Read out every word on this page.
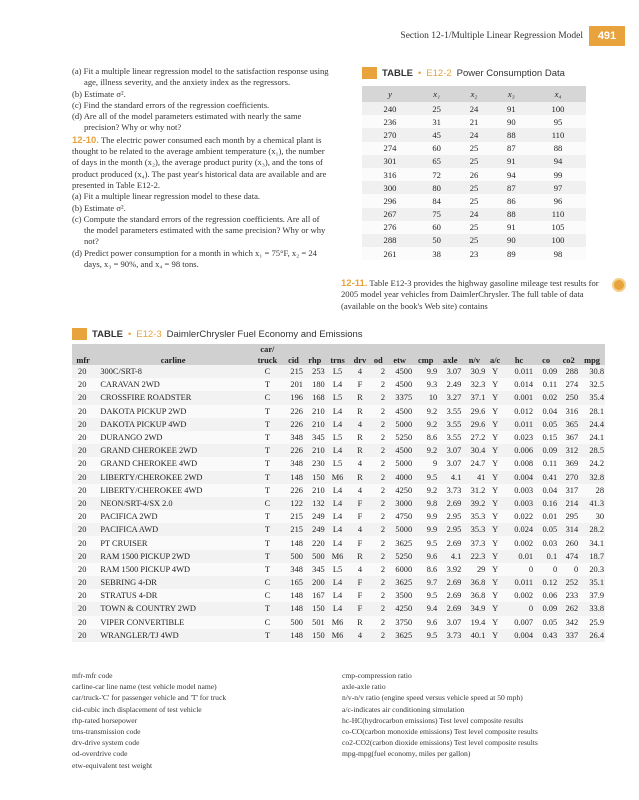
Section 12-1/Multiple Linear Regression Model	491
(a) Fit a multiple linear regression model to the satisfaction response using age, illness severity, and the anxiety index as the regressors.
(b) Estimate σ².
(c) Find the standard errors of the regression coefficients.
(d) Are all of the model parameters estimated with nearly the same precision? Why or why not?
12-10. The electric power consumed each month by a chemical plant is thought to be related to the average ambient temperature (x₁), the number of days in the month (x₂), the average product purity (x₃), and the tons of product produced (x₄). The past year's historical data are available and are presented in Table E12-2.
(a) Fit a multiple linear regression model to these data.
(b) Estimate σ².
(c) Compute the standard errors of the regression coefficients. Are all of the model parameters estimated with the same precision? Why or why not?
(d) Predict power consumption for a month in which x₁ = 75°F, x₂ = 24 days, x₃ = 90%, and x₄ = 98 tons.
TABLE • E12-2 Power Consumption Data
y	x₁	x₂	x₃	x₄
240	25	24	91	100
236	31	21	90	95
270	45	24	88	110
274	60	25	87	88
301	65	25	91	94
316	72	26	94	99
300	80	25	87	97
296	84	25	86	96
267	75	24	88	110
276	60	25	91	105
288	50	25	90	100
261	38	23	89	98
12-11. Table E12-3 provides the highway gasoline mileage test results for 2005 model year vehicles from DaimlerChrysler. The full table of data (available on the book's Web site) contains
TABLE • E12-3 DaimlerChrysler Fuel Economy and Emissions
		car/														
mfr	carline	truck	cid	rhp	trns	drv	od	etw	cmp	axle	n/v	a/c	hc	co	co2	mpg
20	300C/SRT-8	C	215	253	L5	4	2	4500	9.9	3.07	30.9	Y	0.011	0.09	288	30.8
20	CARAVAN 2WD	T	201	180	L4	F	2	4500	9.3	2.49	32.3	Y	0.014	0.11	274	32.5
20	CROSSFIRE ROADSTER	C	196	168	L5	R	2	3375	10	3.27	37.1	Y	0.001	0.02	250	35.4
20	DAKOTA PICKUP 2WD	T	226	210	L4	R	2	4500	9.2	3.55	29.6	Y	0.012	0.04	316	28.1
20	DAKOTA PICKUP 4WD	T	226	210	L4	4	2	5000	9.2	3.55	29.6	Y	0.011	0.05	365	24.4
20	DURANGO 2WD	T	348	345	L5	R	2	5250	8.6	3.55	27.2	Y	0.023	0.15	367	24.1
20	GRAND CHEROKEE 2WD	T	226	210	L4	R	2	4500	9.2	3.07	30.4	Y	0.006	0.09	312	28.5
20	GRAND CHEROKEE 4WD	T	348	230	L5	4	2	5000	9	3.07	24.7	Y	0.008	0.11	369	24.2
20	LIBERTY/CHEROKEE 2WD	T	148	150	M6	R	2	4000	9.5	4.1	41	Y	0.004	0.41	270	32.8
20	LIBERTY/CHEROKEE 4WD	T	226	210	L4	4	2	4250	9.2	3.73	31.2	Y	0.003	0.04	317	28
20	NEON/SRT-4/SX 2.0	C	122	132	L4	F	2	3000	9.8	2.69	39.2	Y	0.003	0.16	214	41.3
20	PACIFICA 2WD	T	215	249	L4	F	2	4750	9.9	2.95	35.3	Y	0.022	0.01	295	30
20	PACIFICA AWD	T	215	249	L4	4	2	5000	9.9	2.95	35.3	Y	0.024	0.05	314	28.2
20	PT CRUISER	T	148	220	L4	F	2	3625	9.5	2.69	37.3	Y	0.002	0.03	260	34.1
20	RAM 1500 PICKUP 2WD	T	500	500	M6	R	2	5250	9.6	4.1	22.3	Y	0.01	0.1	474	18.7
20	RAM 1500 PICKUP 4WD	T	348	345	L5	4	2	6000	8.6	3.92	29	Y	0	0	0	20.3
20	SEBRING 4-DR	C	165	200	L4	F	2	3625	9.7	2.69	36.8	Y	0.011	0.12	252	35.1
20	STRATUS 4-DR	C	148	167	L4	F	2	3500	9.5	2.69	36.8	Y	0.002	0.06	233	37.9
20	TOWN & COUNTRY 2WD	T	148	150	L4	F	2	4250	9.4	2.69	34.9	Y	0	0.09	262	33.8
20	VIPER CONVERTIBLE	C	500	501	M6	R	2	3750	9.6	3.07	19.4	Y	0.007	0.05	342	25.9
20	WRANGLER/TJ 4WD	T	148	150	M6	4	2	3625	9.5	3.73	40.1	Y	0.004	0.43	337	26.4
mfr-mfr code
carline-car line name (test vehicle model name)
car/truck-'C' for passenger vehicle and 'T' for truck
cid-cubic inch displacement of test vehicle
rhp-rated horsepower
trns-transmission code
drv-drive system code
od-overdrive code
etw-equivalent test weight
cmp-compression ratio
axle-axle ratio
n/v-n/v ratio (engine speed versus vehicle speed at 50 mph)
a/c-indicates air conditioning simulation
hc-HC(hydrocarbon emissions) Test level composite results
co-CO(carbon monoxide emissions) Test level composite results
co2-CO2(carbon dioxide emissions) Test level composite results
mpg-mpg(fuel economy, miles per gallon)
